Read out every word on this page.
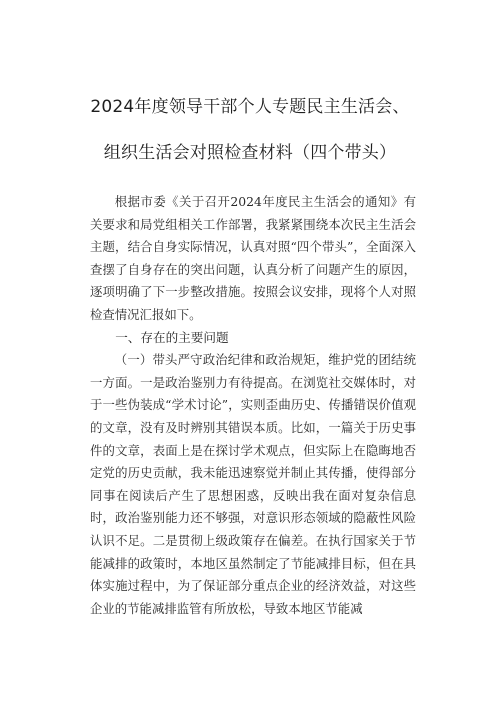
2024年度领导干部个人专题民主生活会、
组织生活会对照检查材料（四个带头）

根据市委《关于召开2024年度民主生活会的通知》有关要求和局党组相关工作部署，我紧紧围绕本次民主生活会主题，结合自身实际情况，认真对照“四个带头”，全面深入查摆了自身存在的突出问题，认真分析了问题产生的原因，逐项明确了下一步整改措施。按照会议安排，现将个人对照检查情况汇报如下。

一、存在的主要问题

（一）带头严守政治纪律和政治规矩，维护党的团结统一方面。一是政治鉴别力有待提高。在浏览社交媒体时，对于一些伪装成“学术讨论”，实则歪曲历史、传播错误价值观的文章，没有及时辨别其错误本质。比如，一篇关于历史事件的文章，表面上是在探讨学术观点，但实际上在隐晦地否定党的历史贡献，我未能迅速察觉并制止其传播，使得部分同事在阅读后产生了思想困惑，反映出我在面对复杂信息时，政治鉴别能力还不够强，对意识形态领域的隐蔽性风险认识不足。二是贯彻上级政策存在偏差。在执行国家关于节能减排的政策时，本地区虽然制定了节能减排目标，但在具体实施过程中，为了保证部分重点企业的经济效益，对这些企业的节能减排监管有所放松，导致本地区节能减
